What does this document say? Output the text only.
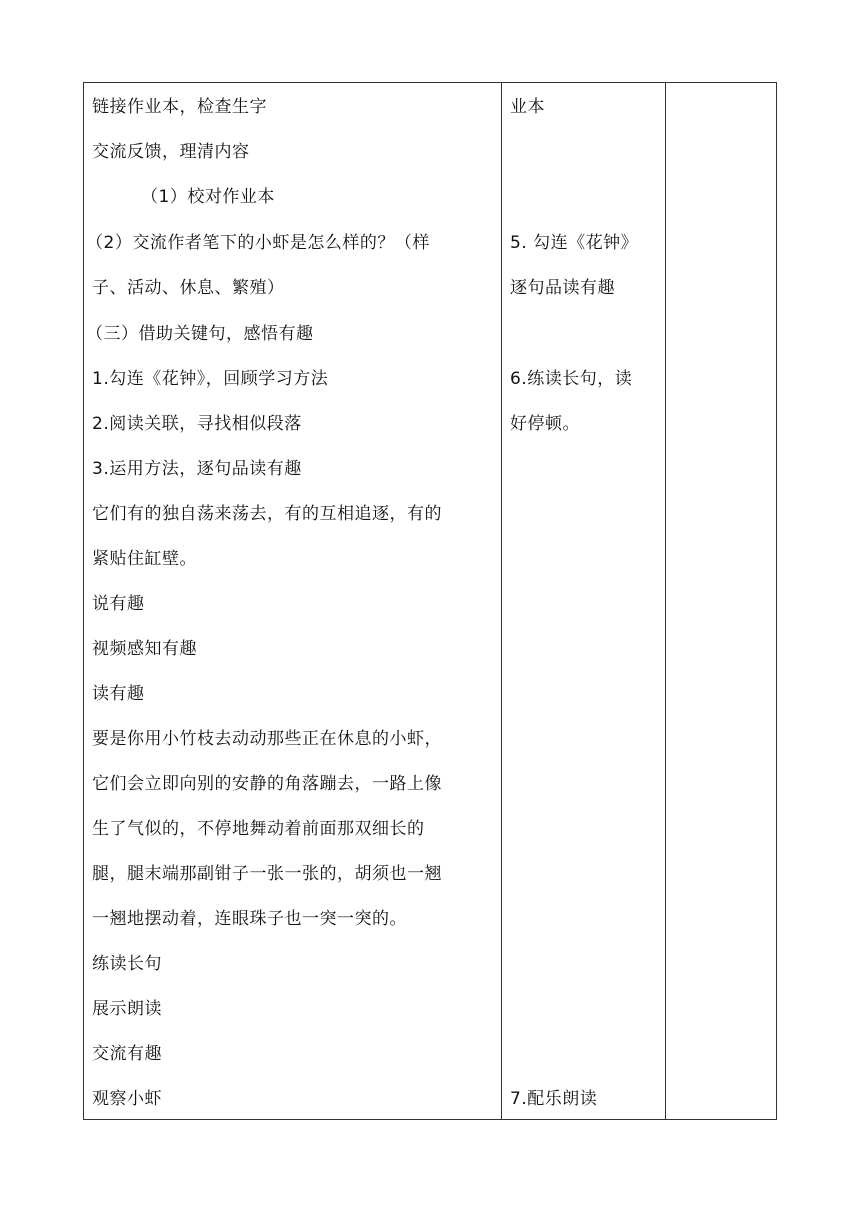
链接作业本，检查生字
交流反馈，理清内容
（1）校对作业本
（2）交流作者笔下的小虾是怎么样的？（样
子、活动、休息、繁殖）
（三）借助关键句，感悟有趣
1.勾连《花钟》，回顾学习方法
2.阅读关联，寻找相似段落
3.运用方法，逐句品读有趣
它们有的独自荡来荡去，有的互相追逐，有的
紧贴住缸壁。
说有趣
视频感知有趣
读有趣
要是你用小竹枝去动动那些正在休息的小虾，
它们会立即向别的安静的角落蹦去，一路上像
生了气似的，不停地舞动着前面那双细长的
腿，腿末端那副钳子一张一张的，胡须也一翘
一翘地摆动着，连眼珠子也一突一突的。
练读长句
展示朗读
交流有趣
观察小虾
业本
5. 勾连《花钟》
逐句品读有趣
6.练读长句，读
好停顿。
7.配乐朗读
